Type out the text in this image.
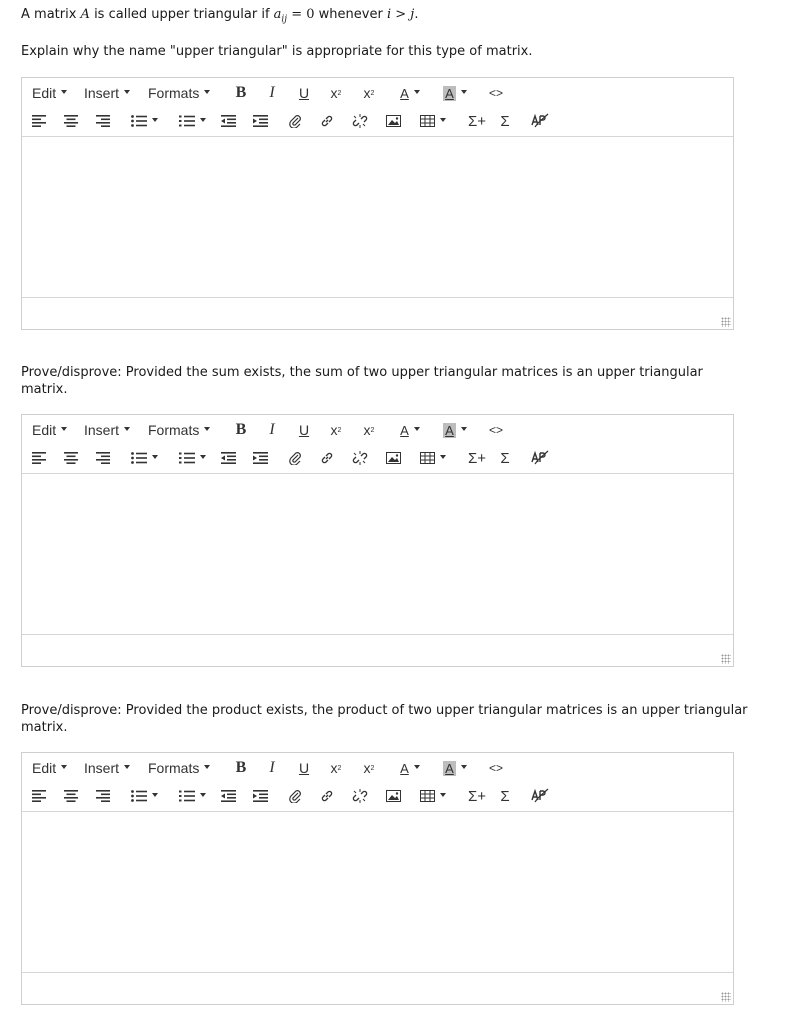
A matrix A is called upper triangular if $a_{ij} = 0$ whenever i > j.
Explain why the name "upper triangular" is appropriate for this type of matrix.
Edit Insert Formats B	I	U x 2 x 2 A	A	<>
Σ+ Σ
Prove/disprove: Provided the sum exists, the sum of two upper triangular matrices is an upper triangular matrix.
Edit Insert Formats B	I	U x 2 x 2 A	A	<>
Σ+ Σ
Prove/disprove: Provided the product exists, the product of two upper triangular matrices is an upper triangular matrix.
Edit Insert Formats B	I	U x 2 x 2 A	A	<>
Σ+ Σ
